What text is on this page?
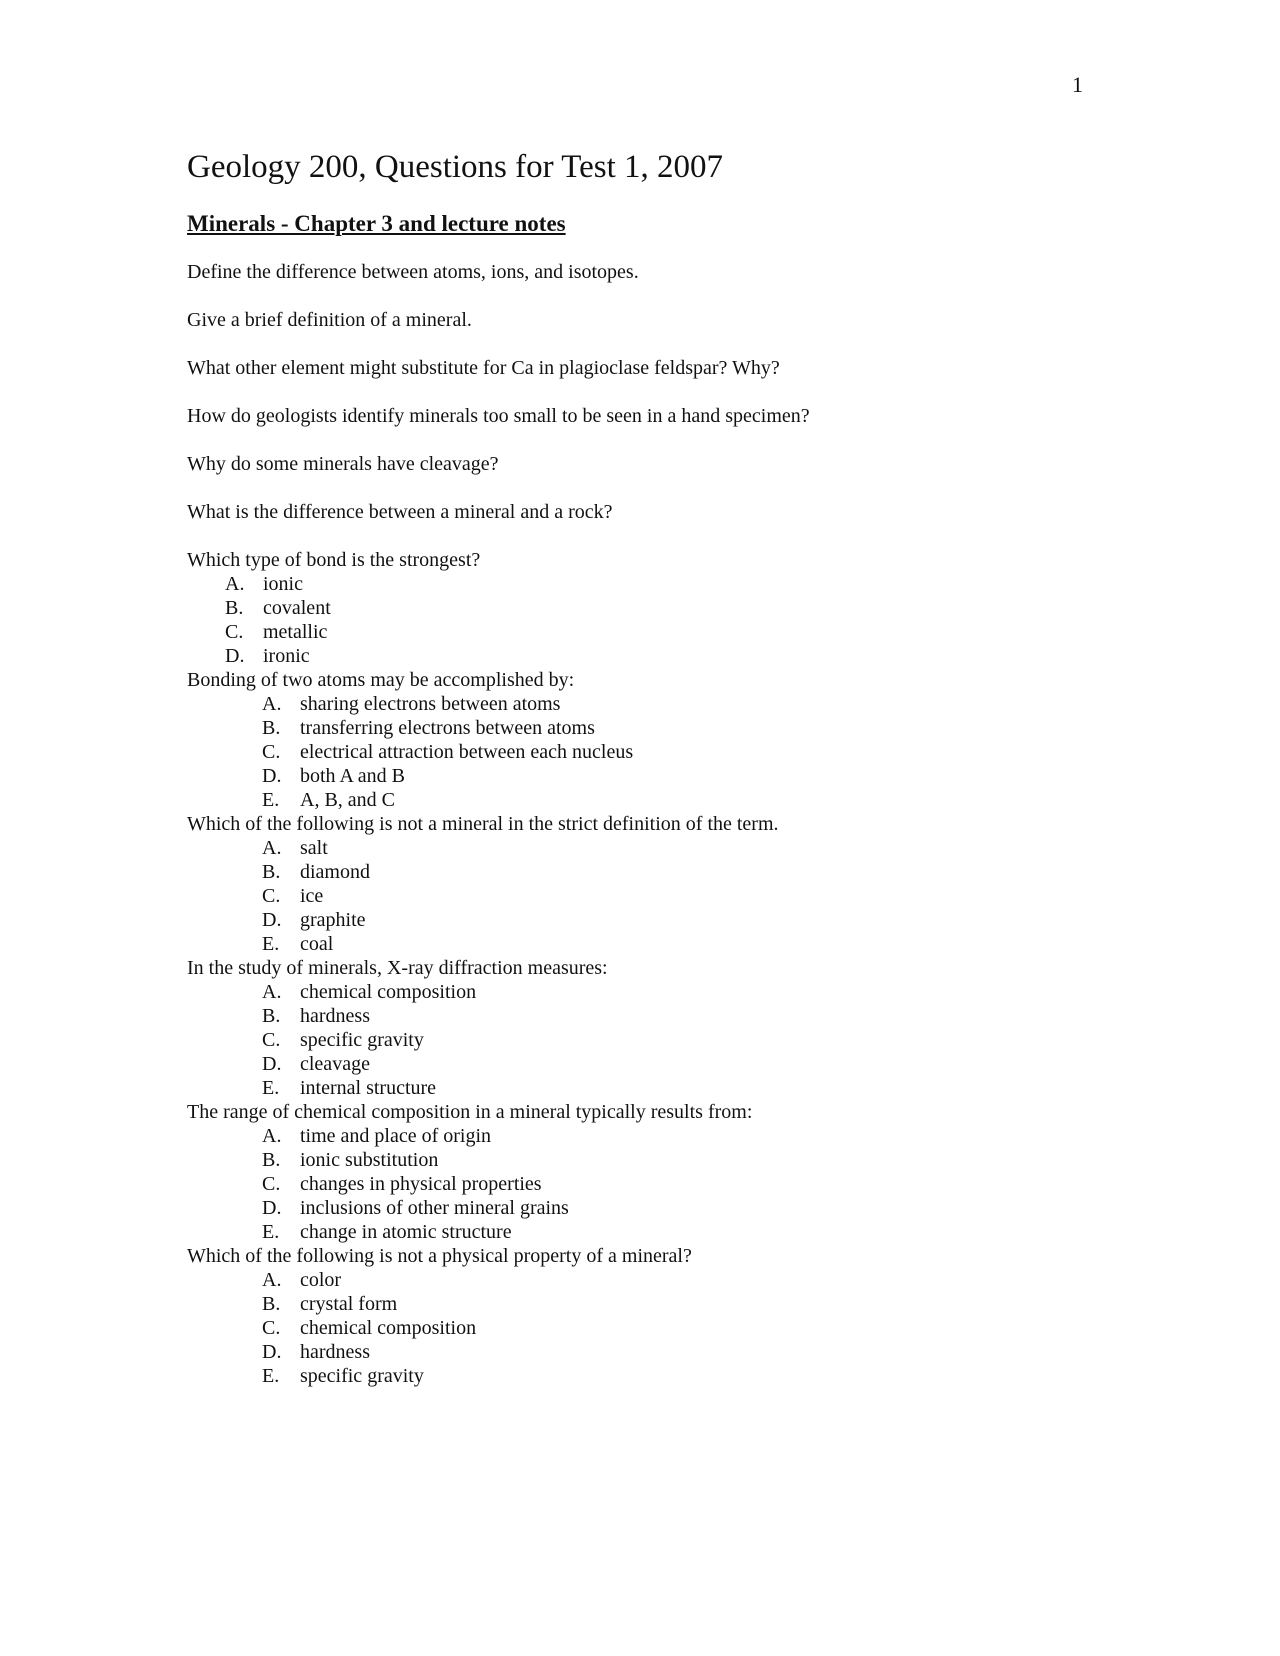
1
Geology 200, Questions for Test 1, 2007
Minerals - Chapter 3 and lecture notes

Define the difference between atoms, ions, and isotopes.

Give a brief definition of a mineral.

What other element might substitute for Ca in plagioclase feldspar? Why?

How do geologists identify minerals too small to be seen in a hand specimen?

Why do some minerals have cleavage?

What is the difference between a mineral and a rock?

Which type of bond is the strongest?

A. ionic
B. covalent
C. metallic
D. ironic

Bonding of two atoms may be accomplished by:

A. sharing electrons between atoms
B. transferring electrons between atoms
C. electrical attraction between each nucleus
D. both A and B
E.	A, B, and C

Which of the following is not a mineral in the strict definition of the term.

A. salt
B. diamond
C. ice
D. graphite
E.	coal

In the study of minerals, X-ray diffraction measures:

A. chemical composition
B. hardness
C. specific gravity
D. cleavage
E.	internal structure

The range of chemical composition in a mineral typically results from:

A. time and place of origin
B. ionic substitution
C. changes in physical properties
D. inclusions of other mineral grains
E.	change in atomic structure

Which of the following is not a physical property of a mineral?

A. color
B. crystal form
C. chemical composition
D. hardness
E.	specific gravity
